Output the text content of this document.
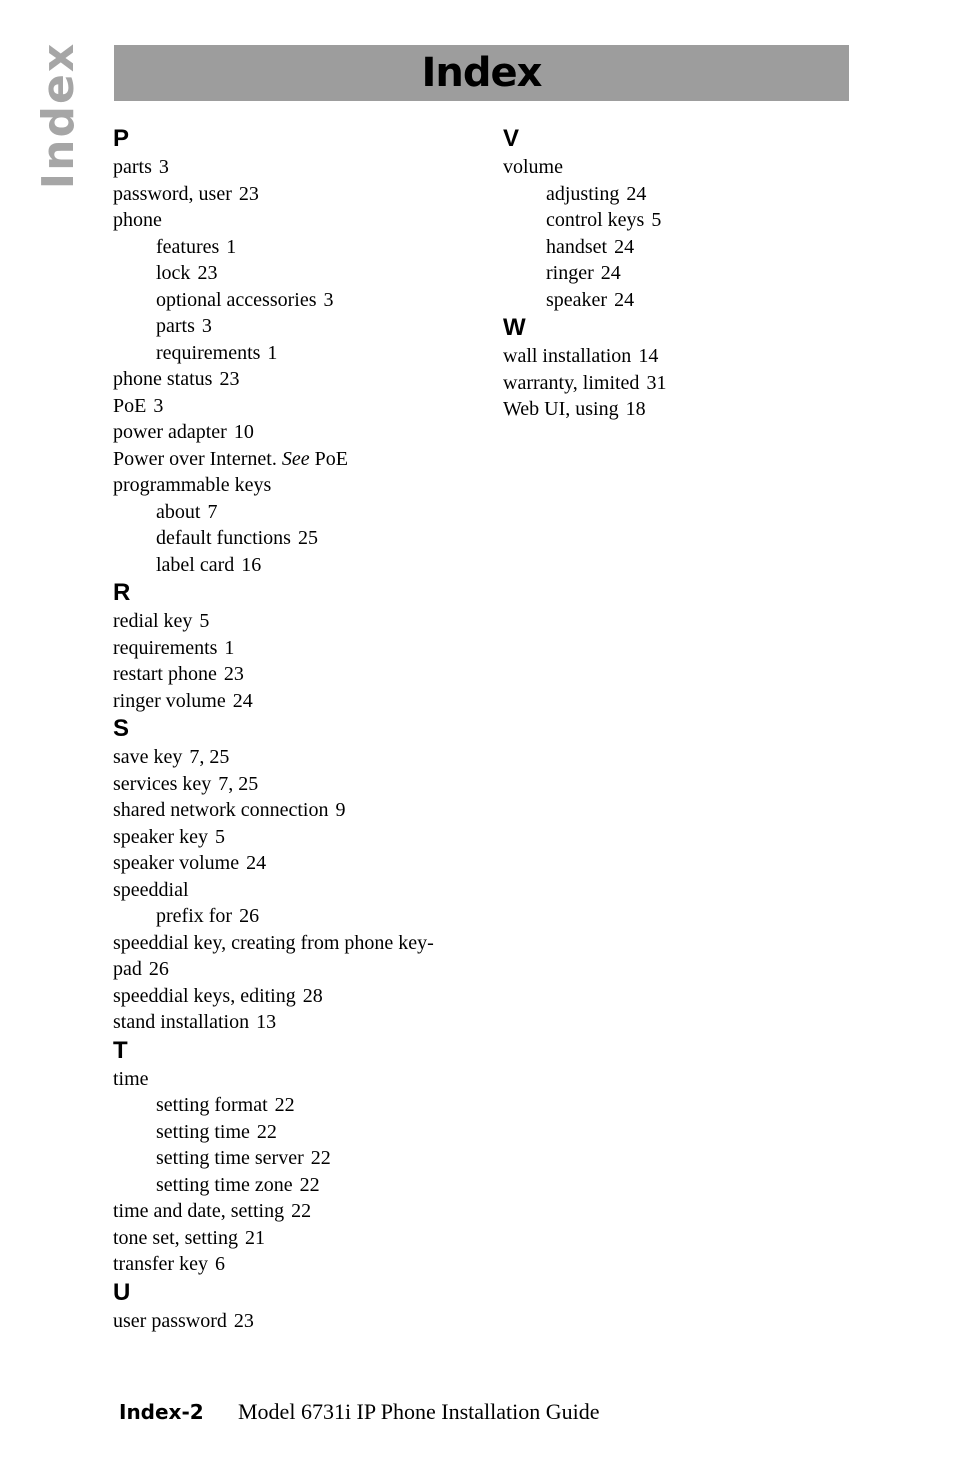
Index	Index
P
parts 3
password, user 23
phone
features 1
lock 23
optional accessories 3
parts 3
requirements 1
phone status 23
PoE 3
power adapter 10
Power over Internet. See PoE
programmable keys
about 7
default functions 25
label card 16
R
redial key 5
requirements 1
restart phone 23
ringer volume 24
S
save key 7, 25
services key 7, 25
shared network connection 9
speaker key 5
speaker volume 24
speeddial
prefix for 26
speeddial key, creating from phone key-
pad 26
speeddial keys, editing 28
stand installation 13
T
time
setting format 22
setting time 22
setting time server 22
setting time zone 22
time and date, setting 22
tone set, setting 21
transfer key 6
U
user password 23
V
volume
adjusting 24
control keys 5
handset 24
ringer 24
speaker 24
W
wall installation 14
warranty, limited 31
Web UI, using 18
Index-2 Model 6731i IP Phone Installation Guide
